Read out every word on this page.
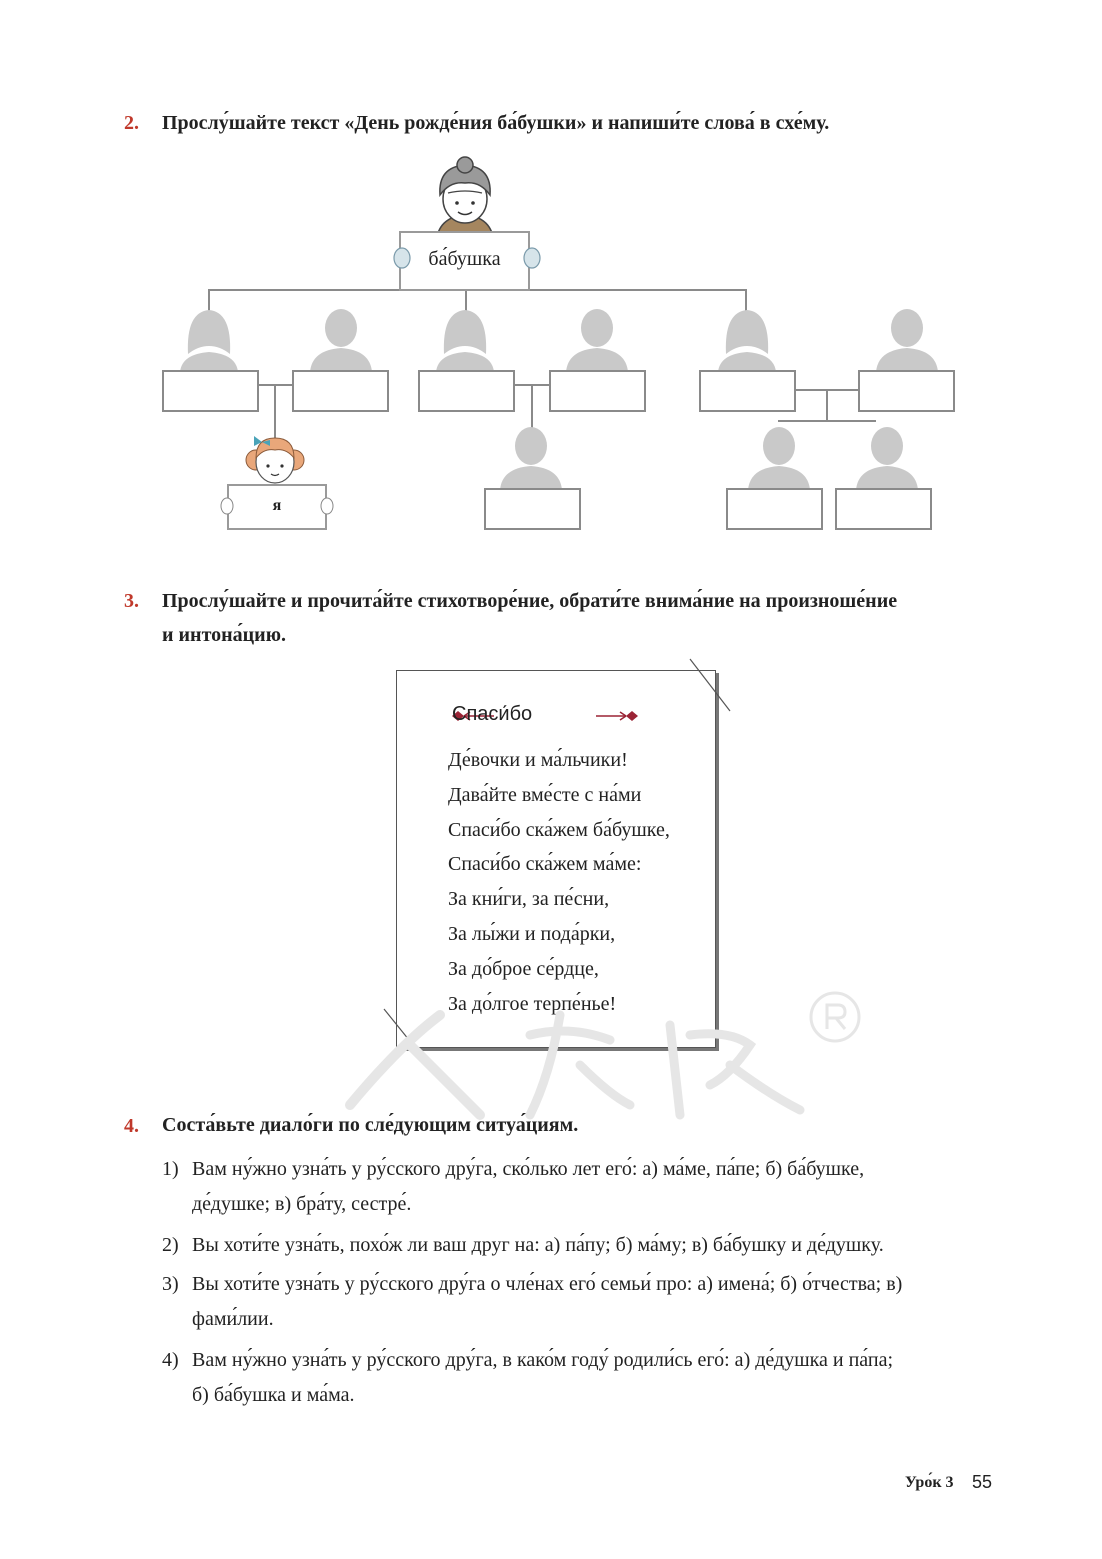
2. Прослу́шайте текст «День рожде́ния ба́бушки» и напиши́те слова́ в схе́му.
ба́бушка
я
3. Прослу́шайте и прочита́йте стихотворе́ние, обрати́те внима́ние на произноше́ние
и интона́цию.
Спаси́бо
Де́вочки и ма́льчики!
Дава́йте вме́сте с на́ми
Спаси́бо ска́жем ба́бушке,
Спаси́бо ска́жем ма́ме:
За кни́ги, за пе́сни,
За лы́жи и пода́рки,
За до́брое се́рдце,
За до́лгое терпе́нье!
4. Соста́вьте диало́ги по сле́дующим ситуа́циям.
1) Вам ну́жно узна́ть у ру́сского дру́га, ско́лько лет его́: а) ма́ме, па́пе; б) ба́бушке,
де́душке; в) бра́ту, сестре́.
2) Вы хоти́те узна́ть, похо́ж ли ваш друг на: а) па́пу; б) ма́му; в) ба́бушку и де́душку.
3) Вы хоти́те узна́ть у ру́сского дру́га о чле́нах его́ семьи́ про: а) имена́; б) о́тчества; в)
фами́лии.
4) Вам ну́жно узна́ть у ру́сского дру́га, в како́м году́ родили́сь его́: а) де́душка и па́па;
б) ба́бушка и ма́ма.
Уро́к 3 55
